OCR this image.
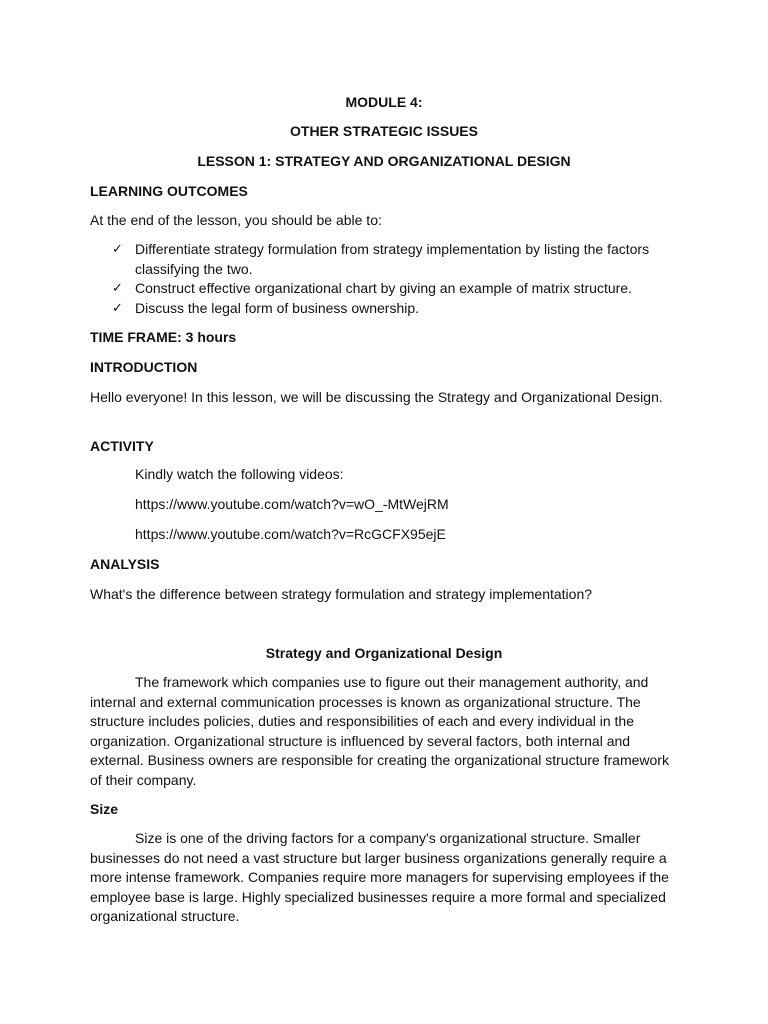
MODULE 4:
OTHER STRATEGIC ISSUES
LESSON 1: STRATEGY AND ORGANIZATIONAL DESIGN
LEARNING OUTCOMES
At the end of the lesson, you should be able to:
✓ Differentiate strategy formulation from strategy implementation by listing the factors classifying the two.
✓ Construct effective organizational chart by giving an example of matrix structure.
✓ Discuss the legal form of business ownership.
TIME FRAME: 3 hours
INTRODUCTION
Hello everyone! In this lesson, we will be discussing the Strategy and Organizational Design.
ACTIVITY
Kindly watch the following videos:
https://www.youtube.com/watch?v=wO_-MtWejRM
https://www.youtube.com/watch?v=RcGCFX95ejE
ANALYSIS
What's the difference between strategy formulation and strategy implementation?
Strategy and Organizational Design
The framework which companies use to figure out their management authority, and internal and external communication processes is known as organizational structure. The structure includes policies, duties and responsibilities of each and every individual in the organization. Organizational structure is influenced by several factors, both internal and external. Business owners are responsible for creating the organizational structure framework of their company.
Size
Size is one of the driving factors for a company's organizational structure. Smaller businesses do not need a vast structure but larger business organizations generally require a more intense framework. Companies require more managers for supervising employees if the employee base is large. Highly specialized businesses require a more formal and specialized organizational structure.
